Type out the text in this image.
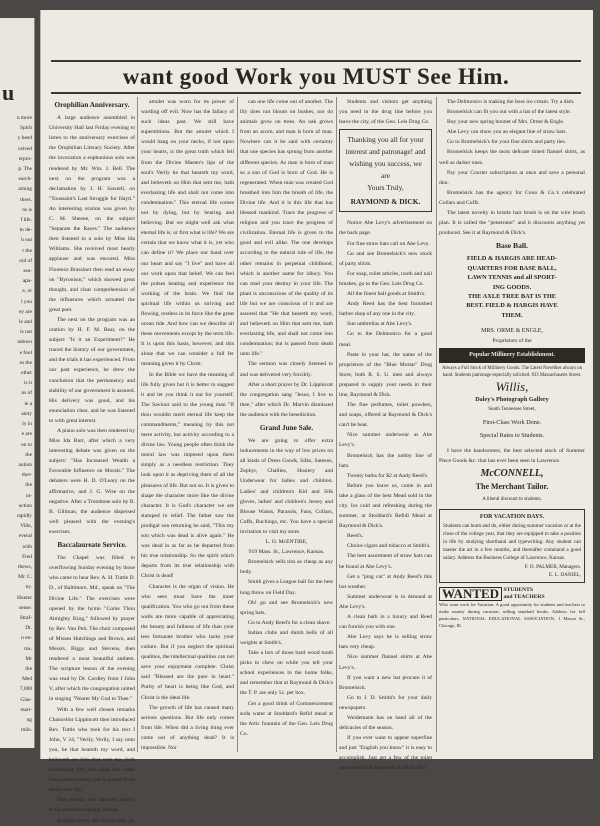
u
n more
Spirit
y heed
ceived
erpro-
p. The
earch-
arning
thers.
ns is
f life.
to de-
h out
r the
oul of
sea-
apa-
e, or
l you
ey are
le and
is not
ndown
e fool
es the
other
is it
ns of
ie a
anity
ly in
e are
on to
the
aution
ther-
the
nt-
uction
rapidly
Ville,
everal
with
Fred
thews,
Mr. C.
ny.
Hunter
sense.
Straf-
Dr.
n en-
rns.
Mr
the
Med
7,000
Glas-
mart-
ng
mile.
want good Work you MUST See Him.
Orophilian Anniversary.

A large audience assembled in University Hall last Friday evening to listen to the anniversary exercises of the Orophilian Literary Society. After the invocation a euphonious solo was rendered by Mr. Wm. J. Bell. The next on the program was a declamation by J. H. Sawtell, on "Toussaint's Last Struggle for Hayti." An interesting oration was given by C. M. Sheene, on the subject "Separate the Races." The audience then listened to a solo by Miss Ida Williams. She received most hearty applause and was encored. Miss Florence Brassiner then read an essay on "Byronism," which showed great thought, and clear comprehension of the influences which actuated the great poet.

The next on the program was an oration by H. F. M. Bear, on the subject "Is it an Experiment?" He traced the history of our government, and the trials it has experienced. From our past experience, he drew the conclusion that the permanency and stability of our government is assured. His delivery was good, and his enunciation clear, and he was listened to with great interest.

A piano solo was then rendered by Miss Ida Burr, after which a very interesting debate was given on the subject: "Has Increased Wealth a Favorable Influence on Morals." The debaters were H. D. O'Leary on the affirmative, and J. G. Wise on the negative. After a Trombone solo by R. B. Gillman, the audience dispersed well pleased with the evening's exercises.

Baccalaureate Service.

The Chapel was filled to overflowing Sunday evening by those who came to hear Rev. A. H. Tuttle D. D., of Baltimore, Md., speak on "The Divine Life." The exercises were opened by the hymn "Come Thou Almighty King," followed by prayer by Rev. Van Pelt. The choir composed of Misses Hutchings and Brown, and Messrs. Biggs and Stevens, then rendered a most beautiful anthem. The scripture lesson of the evening was read by Dr. Cordley from I John V, after which the congregation united in singing "Nearer My God to Thee."

With a few well chosen remarks Chancellor Lippincott then introduced Rev. Tuttle who took for his text I John, V 24, "Verily, Verily, I say unto you, he that heareth my word, and believeth on him that sent me, hath everlasting life, and shall not come into condemnation; but is passed from death unto life."

The sermon was directed mainly to the present outgoing classes.

In olden times, the Doctor said, an

amulet was worn for its power of warding off evil. Now has the fallacy of such ideas past. We still have superstitions. But the amulet which I would hang on your necks, if not upon your hearts, is the great truth which fell from the Divine Master's lips of the soul's Verily he that heareth my word, and believeth on Him that sent me, hath everlasting life and shall not come into condemnation." This eternal life comes not by dying, but by hearing and believing. But we might well ask what eternal life is, or first what is life? We are certain that we know what it is, yet who can define it? We place our hand over our heart and say "I live" and have all our work upon that belief. We can feel the pulses beating and experience the working of the brain. We find the spiritual life within us striving and flowing, restless in its force like the great ocean tide. And how can we describe all these movements except by the term life. It is upon this basis, however, and this alone that we can consider a full fer meaning given it by Christ.

In the Bible we have the meaning of life fully given but it is better to suggest it and let you think it out for yourself. The Saviour said to the young man "If thou wouldst merit eternal life keep the commandments," meaning by this not mere activity, but activity according to a divine law. Young people often think the moral law was imposed upon them simply as a needless restriction. They look upon it as depriving them of all the pleasures of life. But not so. It is given to shape the character more like the divine character. It is God's character we are stamped in relief. The father saw the prodigal son returning he said, "This my son which was dead is alive again." He was dead in as far as he departed from his true relationship. So the spirit which departs from its true relationship with Christ is dead!

Character is the organ of vision. He who sees must have the inner qualification. You who go out from these walls are more capable of appreciating the beauty and fullness of life than your less fortunate brother who lacks your culture. But if you neglect the spiritual qualities, the intellectual qualities can not save your enjoyment complete. Christ said "Blessed are the pure in heart." Purity of heart is being like God, and Christ is the ideal life.

The growth of life has caused many serious questions. But life only comes from life. When did a living thing ever come out of anything dead? It is impossible. Nor

can one life come out of another. The lily does not bloom on bushes, nor do animals grow on trees. An oak grows from an acorn, and man is born of man. Nowhere can it be said with certainty that one species has sprung from another different species. As man is born of man so a son of God is born of God. He is regenerated. When man was created God breathed into him the breath of life, the Divine life. And it is this life that has blessed mankind. Trace the progress of religion and you trace the progress of civilization. Eternal life is given to the good and evil alike. The one develops according to the natural rule of life, the other remains in perpetual childhood, which is another name for idiocy. You can read your destiny in your life. The plant is unconscious of the quality of its life but we are conscious of it and are assured that "He that heareth my word, and believeth on Him that sent me, hath everlasting life, and shall not come into condemnation; but is passed from death unto life."

The sermon was closely listened to and was delivered very forcibly.

After a short prayer by Dr. Lippincott the congregation sang "Jesus, I live to thee," after which Dr. Marvin dismissed the audience with the benediction.

Grand June Sale.

We are going to offer extra inducements in the way of low prices on all kinds of Dress Goods, Silks, Sateens, Zephyr, Challies, Hosiery and Underwear for ladies and children. Ladies' and children's Kid and Silk gloves, ladies' and children's Jersey and Blouse Waists, Parasols, Fans, Collars, Cuffs, Ruchings, etc. You have a special invitation to visit my store.

L. O. McENTIRE,

919 Mass. St., Lawrence, Kansas.

Bromelsick sells tins as cheap as any body.

Smith gives a League ball for the best long throw on Field Day.

Oh! go and see Bromelsick's new spring hats.

Go to Andy Reed's for a clean shave.

Indian clubs and dumb bells of all weights at Smith's.

Take a box of those hard wood tooth picks to chew on while you tell your school experiences to the home folks, and remember that at Raymond & Dick's the T. P. are only 5c. per box.

Get a good drink of Commencement soda water at Stoddard's Refid mead at the Artic fountain of the Geo. Leis Drug Co.

Students and visitors get anything you need in the drug line before you leave the city, of the Geo. Leis Drug Co.

Thanking you all for your
interest and patronage! and
wishing you success, we are
Yours Truly,
RAYMOND & DICK.

Notice Abe Levy's advertisement on the back page.

For fine straw hats call on Abe Levy.

Go and see Bromelsick's new stock of party shirts.

For soap, toilet articles, tooth and nail brushes, go to the Geo. Leis Drug Co.

All the finest ball goods at Smith's.

Andy Reed has the best furnished barber shop of any one in the city.

Sun umbrellas at Abe Levy's.

Go to the Delmonico for a good meal.

Paste in your hat, the name of the proprietors of the "Blue Mortar" Drug Store, both R. S. U. men and always prepared to supply your needs in their line, Raymond & Dick.

The fine perfumes, toilet powders, and soaps, offered at Raymond & Dick's can't be beat.

Nice summer underwear at Abe Levy's.

Bromelsick has the nobby line of hats.

Twenty baths for $2 at Andy Reed's.

Before you leave us, come in and take a glass of the best Mead sold in the city. Ice cold and refreshing during the summer, at Stoddard's Refidl Mead at Raymond & Dick's.

Reed's.

Choice cigars and tobacco at Smith's.

The best assortment of straw hats can be found at Abe Levy's.

Get a "ping cut" at Andy Reed's this hot weather.

Summer underwear is in demand at Abe Levy's.

A clean bath in a luxury and Reed can furnish you with one.

Abe Levy says he is selling straw hats very cheap.

Nice summer flannel shirts at Abe Levy's.

If you want a new hat procure it of Bromelsick.

Go to J. D. Smith's for your daily newspapers.

Weidemann has on hand all of the delicacies of the season.

If you ever want to appear superfine and just "English you know" it is easy to accomplish. Just get a few of the toilet necessities that Raymond & Dick offer.

The Delmonico is making the boss ice cream. Try a dish.

Bromelsick can fit you out with a hat of the latest style.

Buy your new spring bonnet of Mrs. Orme & Engle.

Abe Levy can show you an elegant line of straw hats.

Go to Bromelsick's for your fine shirts and party ties.

Bromelsick keeps the most delicate tinted flannel shirts, as well as darker ones.

Pay your Courier subscription at once and save a personal dun.

Bromelsick has the agency for Coon & Co.'s celebrated Collars and Cuffs.

The latest novelty in bristle hair brush is on the wire brush plan. It is called the "penetrator" and it discounts anything yet produced. See it at Raymond & Dick's.

Base Ball.
FIELD & HARGIS ARE HEAD-
QUARTERS FOR BASE BALL,
LAWN TENNIS and all SPORT-
ING GOODS.
THE AXLE TREE BAT IS THE
BEST. FIELD & HARGIS HAVE
THEM.
MRS. ORME & ENGLE,
Proprietors of the
Popular Millinery Establishment.
Always a Full Stock of Millinery Goods. The Latest Novelties always on hand. Students patronage especially solicited. 833 Massachusetts Street.
Willis,
Daley's Photograph Gallery
South Tennessee Street,
First-Class Work Done.
Special Rates to Students.

I have the handsomest, the best selected stock of Summer Piece Goods &c. that has ever been seen in Lawrence.

McCONNELL,
The Merchant Tailor.
A liberal discount to students.
FOR VACATION DAYS.
Students can learn and do, either during summer vacation or at the close of the college year, that they are equipped to take a position in life by studying shorthand and typewriting. Any student can master the art in a few months, and thereafter command a good salary. Address the Business College of Lawrence, Kansas.
F. O. PALMER, Managers.
E. L. DANIEL,
WANTED STUDENTS
and TEACHERS
Who want work for Vacation. A good opportunity for students and teachers to make money during vacation, selling standard books. Address for full particulars, NATIONAL EDUCATIONAL ASSOCIATION, 1 Mason St., Chicago, Ill.
